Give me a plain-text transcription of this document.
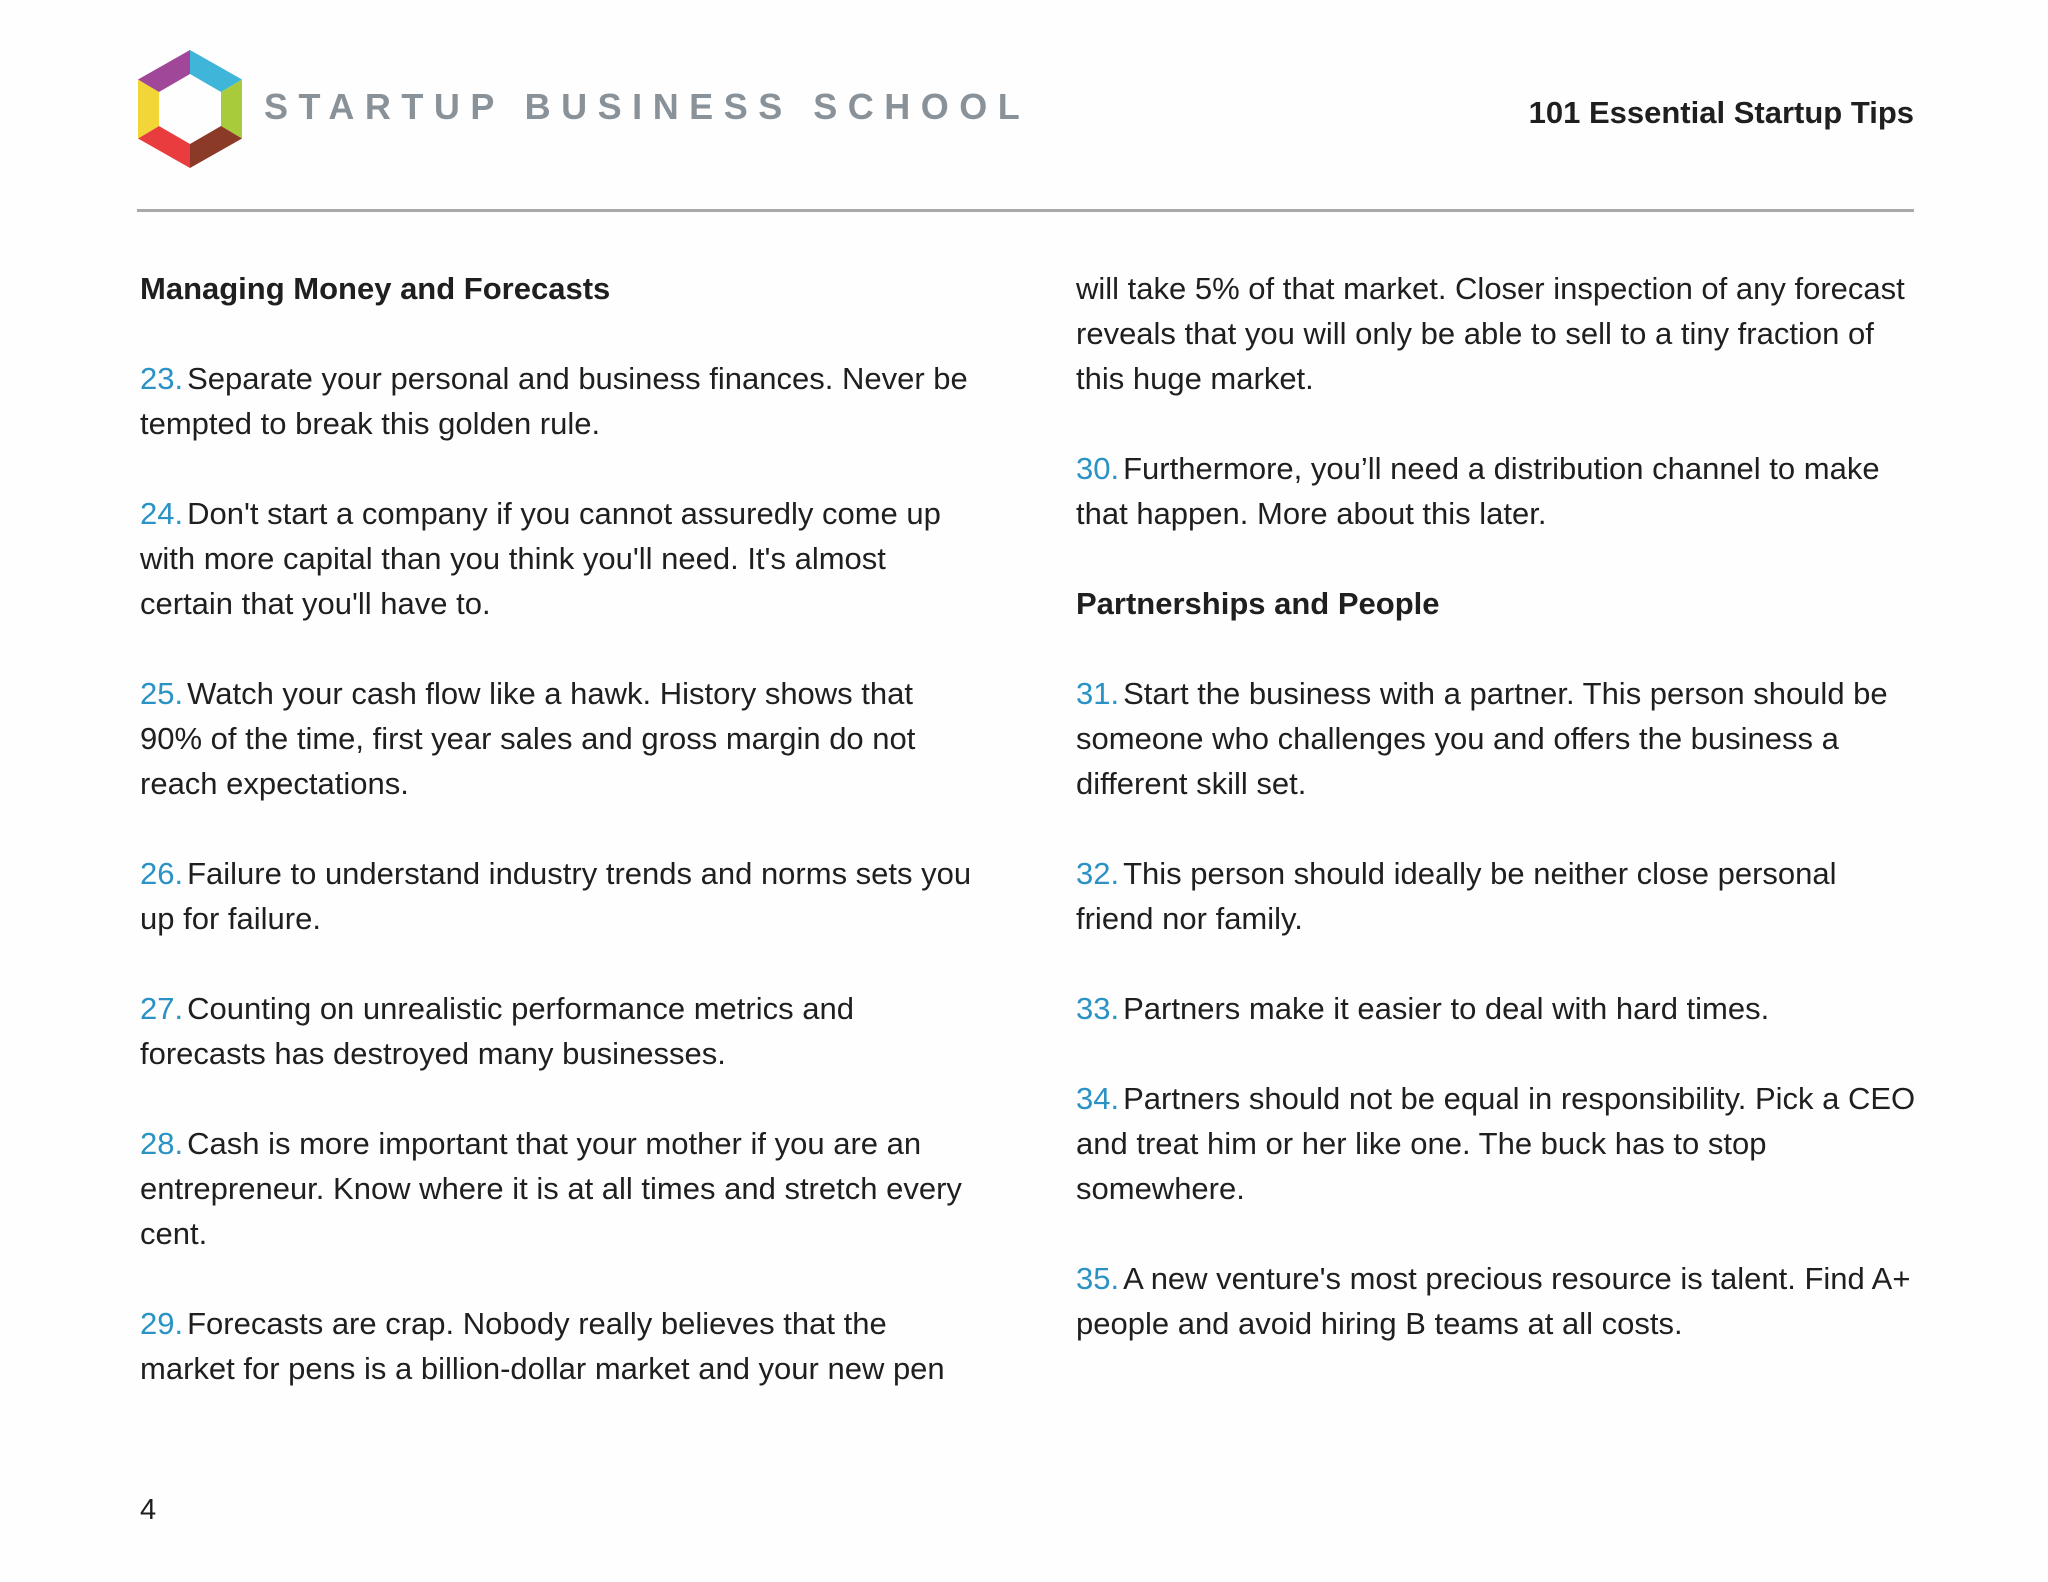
STARTUP BUSINESS SCHOOL	101 Essential Startup Tips
Managing Money and Forecasts

23. Separate your personal and business finances. Never be tempted to break this golden rule.

24. Don't start a company if you cannot assuredly come up with more capital than you think you'll need. It's almost certain that you'll have to.

25. Watch your cash flow like a hawk. History shows that 90% of the time, first year sales and gross margin do not reach expectations.

26. Failure to understand industry trends and norms sets you up for failure.

27. Counting on unrealistic performance metrics and forecasts has destroyed many businesses.

28. Cash is more important that your mother if you are an entrepreneur. Know where it is at all times and stretch every cent.

29. Forecasts are crap. Nobody really believes that the market for pens is a billion-dollar market and your new pen

will take 5% of that market. Closer inspection of any forecast reveals that you will only be able to sell to a tiny fraction of this huge market.

30. Furthermore, you’ll need a distribution channel to make that happen. More about this later.

Partnerships and People

31. Start the business with a partner. This person should be someone who challenges you and offers the business a different skill set.

32. This person should ideally be neither close personal friend nor family.

33. Partners make it easier to deal with hard times.

34. Partners should not be equal in responsibility. Pick a CEO and treat him or her like one. The buck has to stop somewhere.

35. A new venture's most precious resource is talent. Find A+ people and avoid hiring B teams at all costs.

4
